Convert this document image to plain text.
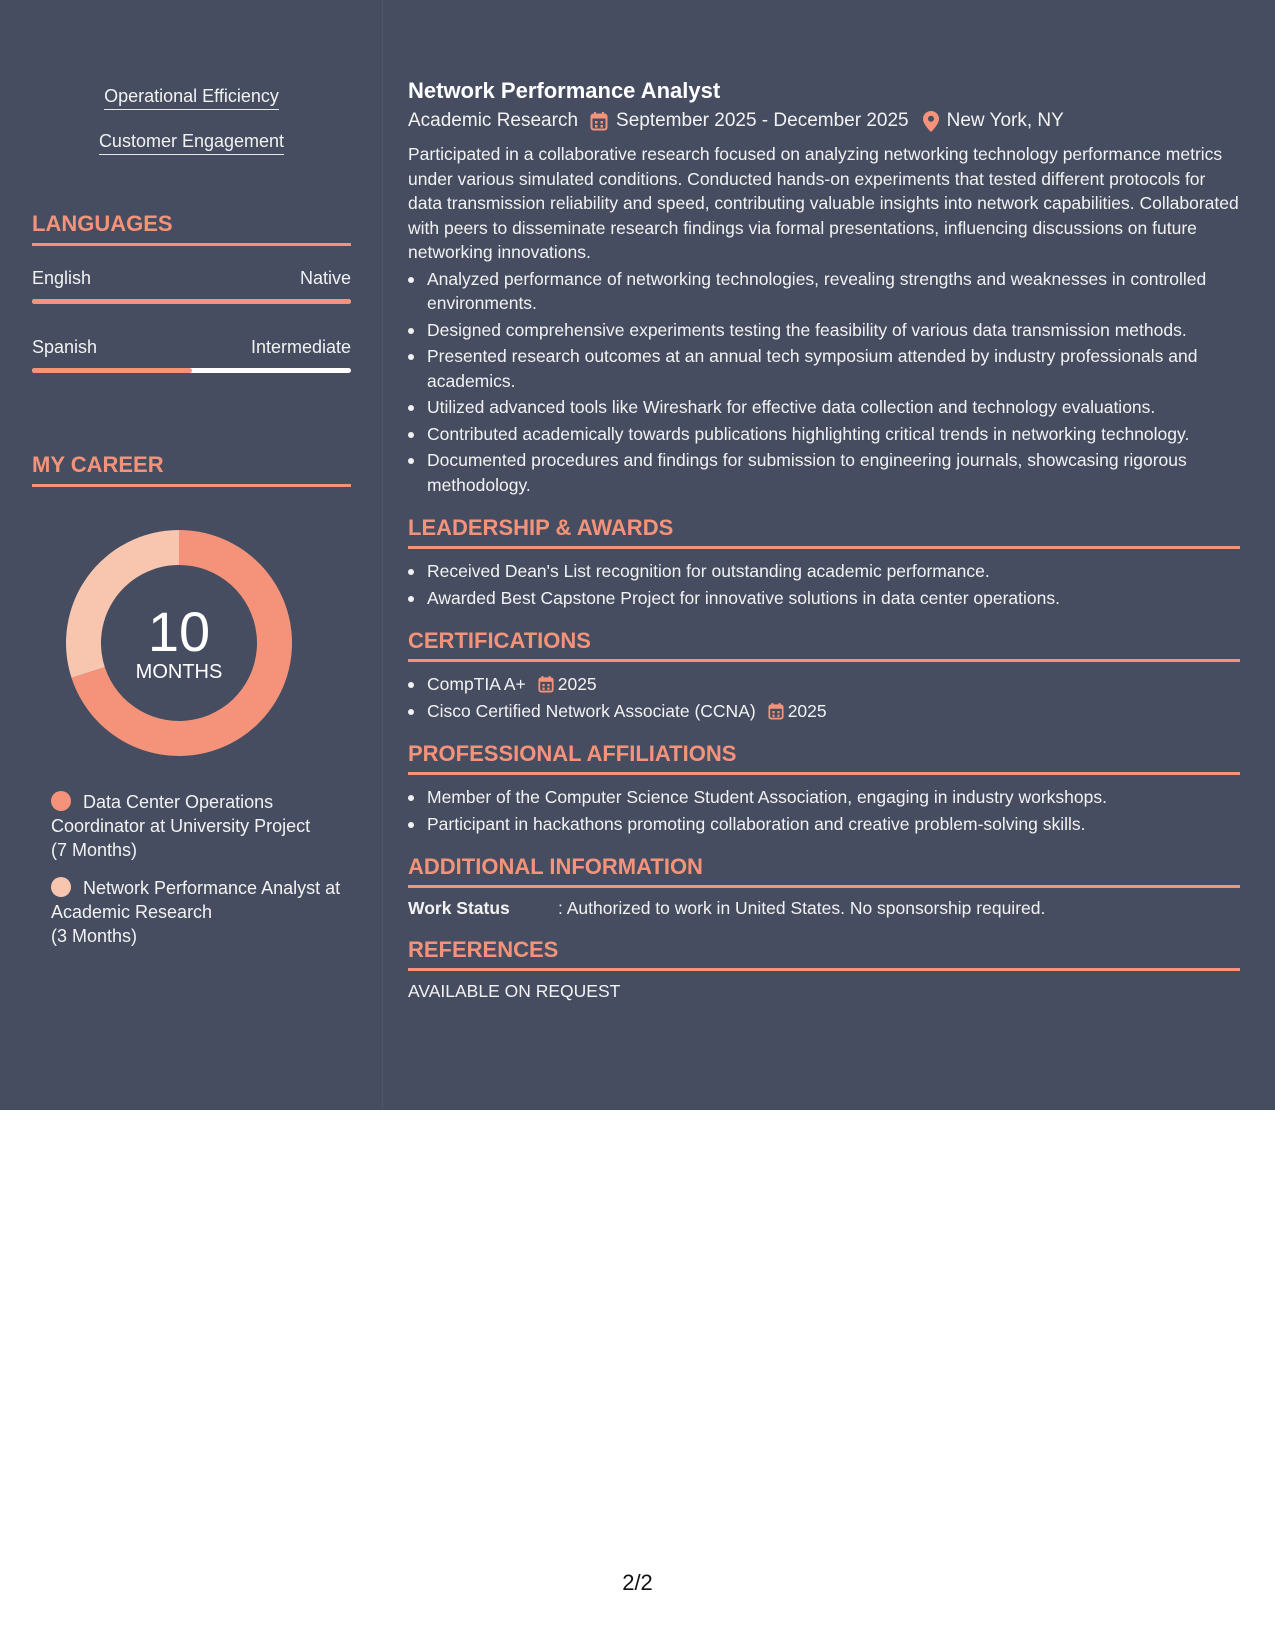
Operational Efficiency
Customer Engagement
LANGUAGES
English	Native
Spanish	Intermediate
MY CAREER
10
MONTHS
Data Center Operations Coordinator at University Project
(7 Months)
Network Performance Analyst at Academic Research
(3 Months)
Network Performance Analyst
Academic Research September 2025 - December 2025 New York, NY
Participated in a collaborative research focused on analyzing networking technology performance metrics under various simulated conditions. Conducted hands-on experiments that tested different protocols for data transmission reliability and speed, contributing valuable insights into network capabilities. Collaborated with peers to disseminate research findings via formal presentations, influencing discussions on future networking innovations.
Analyzed performance of networking technologies, revealing strengths and weaknesses in controlled environments.
Designed comprehensive experiments testing the feasibility of various data transmission methods.
Presented research outcomes at an annual tech symposium attended by industry professionals and academics.
Utilized advanced tools like Wireshark for effective data collection and technology evaluations.
Contributed academically towards publications highlighting critical trends in networking technology.
Documented procedures and findings for submission to engineering journals, showcasing rigorous methodology.
LEADERSHIP & AWARDS
Received Dean's List recognition for outstanding academic performance.
Awarded Best Capstone Project for innovative solutions in data center operations.
CERTIFICATIONS
CompTIA A+ 2025
Cisco Certified Network Associate (CCNA) 2025
PROFESSIONAL AFFILIATIONS
Member of the Computer Science Student Association, engaging in industry workshops.
Participant in hackathons promoting collaboration and creative problem-solving skills.
ADDITIONAL INFORMATION
Work Status	: Authorized to work in United States. No sponsorship required.
REFERENCES
AVAILABLE ON REQUEST
2/2
